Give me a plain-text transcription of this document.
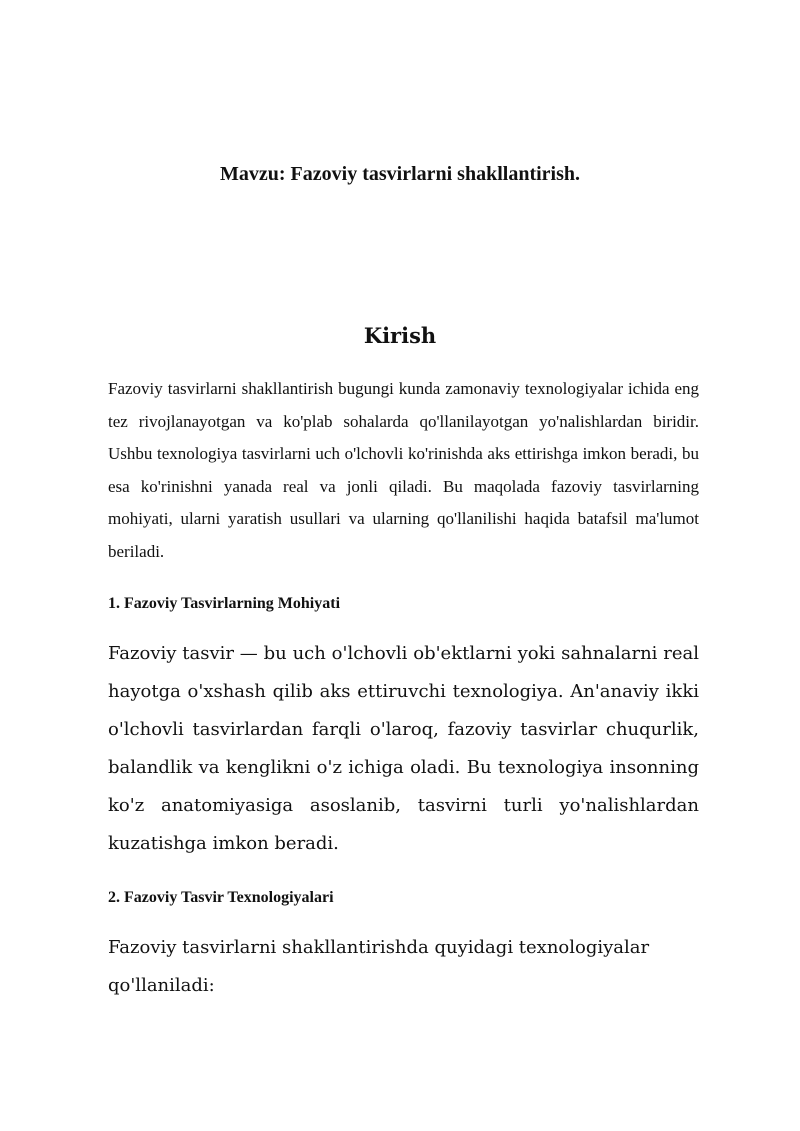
Mavzu: Fazoviy tasvirlarni shakllantirish.
Kirish

Fazoviy tasvirlarni shakllantirish bugungi kunda zamonaviy texnologiyalar ichida eng tez rivojlanayotgan va ko'plab sohalarda qo'llanilayotgan yo'nalishlardan biridir. Ushbu texnologiya tasvirlarni uch o'lchovli ko'rinishda aks ettirishga imkon beradi, bu esa ko'rinishni yanada real va jonli qiladi. Bu maqolada fazoviy tasvirlarning mohiyati, ularni yaratish usullari va ularning qo'llanilishi haqida batafsil ma'lumot beriladi.

1. Fazoviy Tasvirlarning Mohiyati

Fazoviy tasvir — bu uch o'lchovli ob'ektlarni yoki sahnalarni real hayotga o'xshash qilib aks ettiruvchi texnologiya. An'anaviy ikki o'lchovli tasvirlardan farqli o'laroq, fazoviy tasvirlar chuqurlik, balandlik va kenglikni o'z ichiga oladi. Bu texnologiya insonning ko'z anatomiyasiga asoslanib, tasvirni turli yo'nalishlardan kuzatishga imkon beradi.

2. Fazoviy Tasvir Texnologiyalari

Fazoviy tasvirlarni shakllantirishda quyidagi texnologiyalar qo'llaniladi:
